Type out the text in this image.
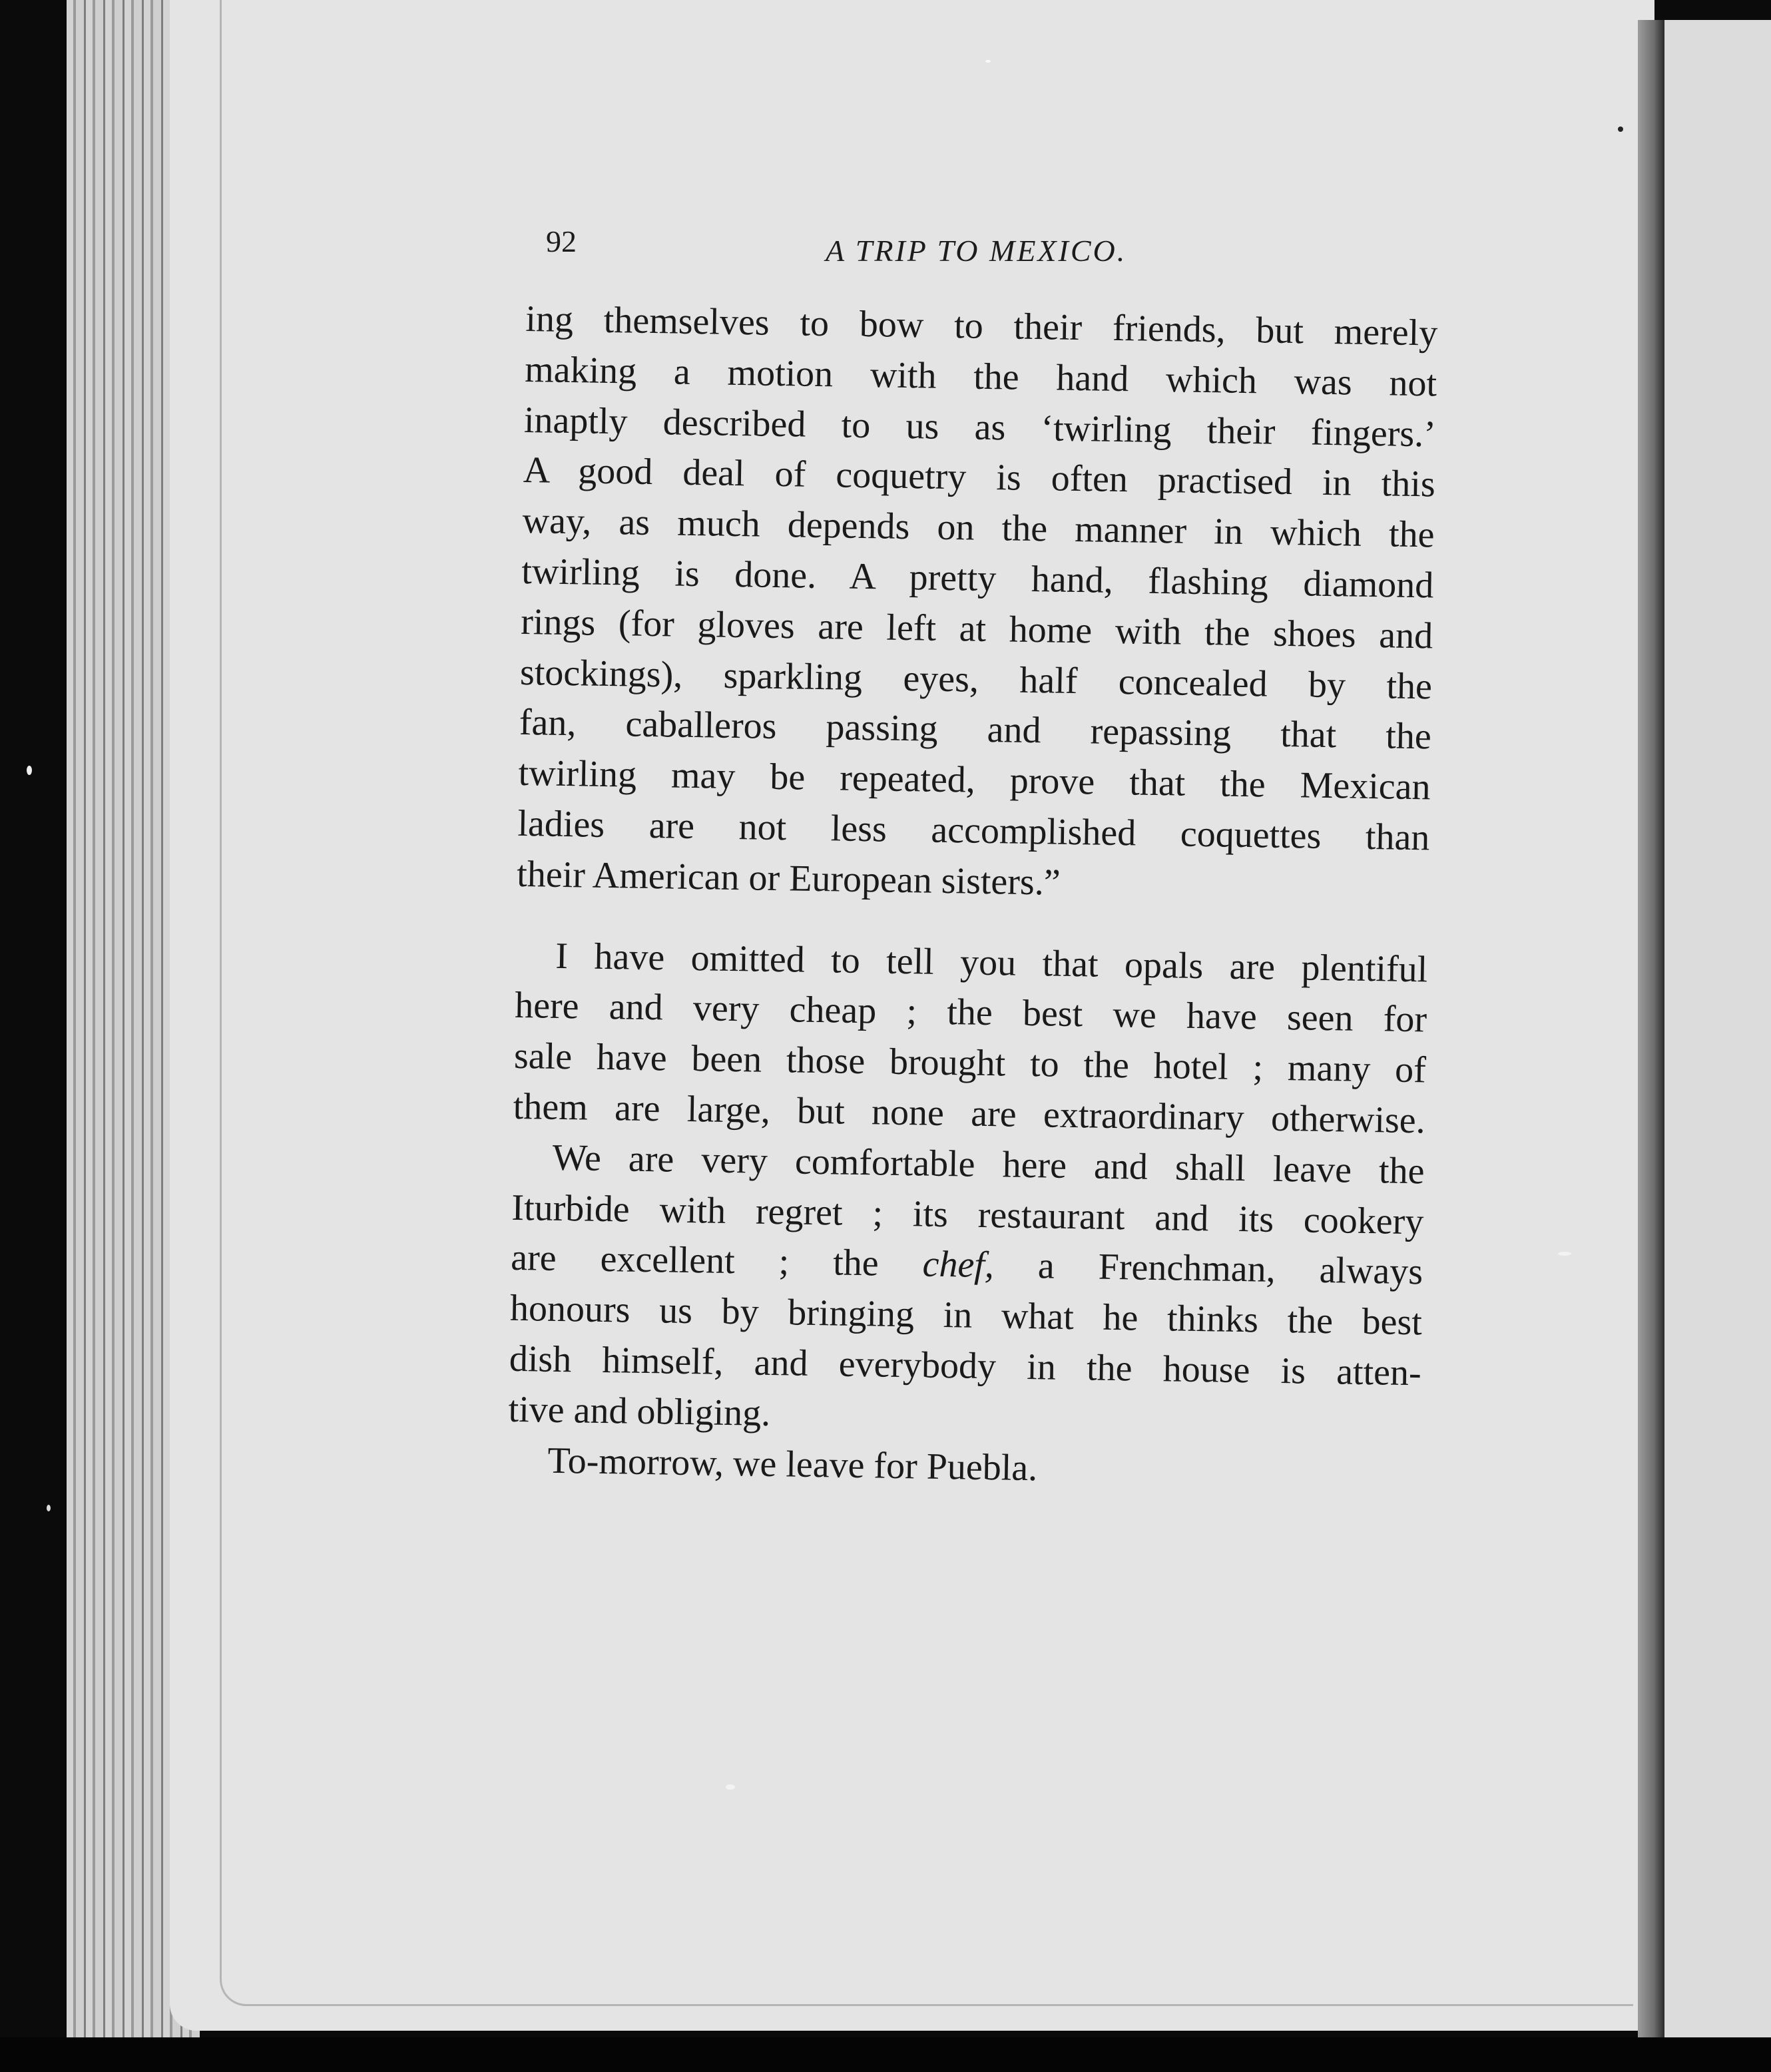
92	A TRIP TO MEXICO.
ing themselves to bow to their friends, but merely
making a motion with the hand which was not
inaptly described to us as ‘twirling their fingers.’
A good deal of coquetry is often practised in this
way, as much depends on the manner in which the
twirling is done. A pretty hand, flashing diamond
rings (for gloves are left at home with the shoes and
stockings), sparkling eyes, half concealed by the
fan, caballeros passing and repassing that the
twirling may be repeated, prove that the Mexican
ladies are not less accomplished coquettes than
their American or European sisters.”
I have omitted to tell you that opals are plentiful
here and very cheap ; the best we have seen for
sale have been those brought to the hotel ; many of
them are large, but none are extraordinary otherwise.
We are very comfortable here and shall leave the
Iturbide with regret ; its restaurant and its cookery
are excellent ; the chef, a Frenchman, always
honours us by bringing in what he thinks the best
dish himself, and everybody in the house is atten-
tive and obliging.
To-morrow, we leave for Puebla.
